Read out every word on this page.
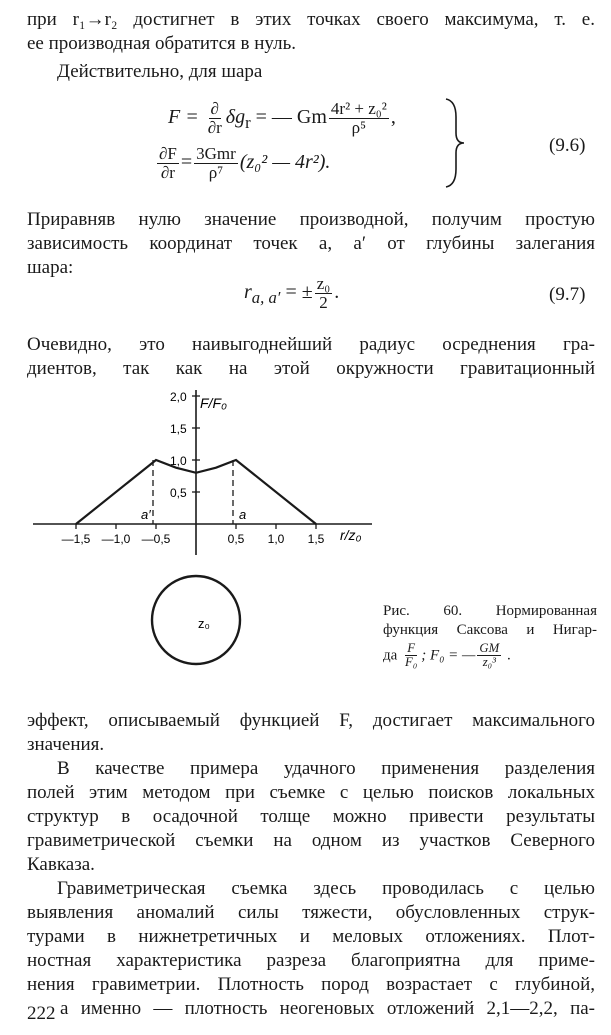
при r₁→r₂ достигнет в этих точках своего максимума, т. е.
ее производная обратится в нуль.
Действительно, для шара
$F = \frac{\partial}{\partial r} \delta g_r$ = — Gm $\frac{\text{4r² + z₀²}}{\text{ρ⁵}}$ ,
$\frac{\partial F}{\partial r} = \frac{\text{3Gmr}}{\text{ρ⁷}} (z_0^2$ — 4r²).
(9.6)
Приравняв нулю значение производной, получим простую
зависимость координат точек a, a′ от глубины залегания
шара:
$r_{a, a'}$ = ± $\frac{\text{z₀}}{2}$ .	(9.7)
Очевидно, это наивыгоднейший радиус осреднения гра-
диентов, так как на этой окружности гравитационный
F/F₀
r/z₀
2,0
1,5
1,0
0,5
—1,5 —1,0 —0,5	0,5 1,0 1,5
a′	a
z₀
Рис. 60. Нормированная
функция Саксова и Нигар-
да $\frac{F}{\text{F₀}}$ ; F₀ = — $\frac{GM}{\text{z₀³}}$ .
эффект, описываемый функцией F, достигает максимального
значения.
В качестве примера удачного применения разделения
полей этим методом при съемке с целью поисков локальных
структур в осадочной толще можно привести результаты
гравиметрической съемки на одном из участков Северного
Кавказа.
Гравиметрическая съемка здесь проводилась с целью
выявления аномалий силы тяжести, обусловленных струк-
турами в нижнетретичных и меловых отложениях. Плот-
ностная характеристика разреза благоприятна для приме-
нения гравиметрии. Плотность пород возрастает с глубиной,
а именно — плотность неогеновых отложений 2,1—2,2, па-
222
